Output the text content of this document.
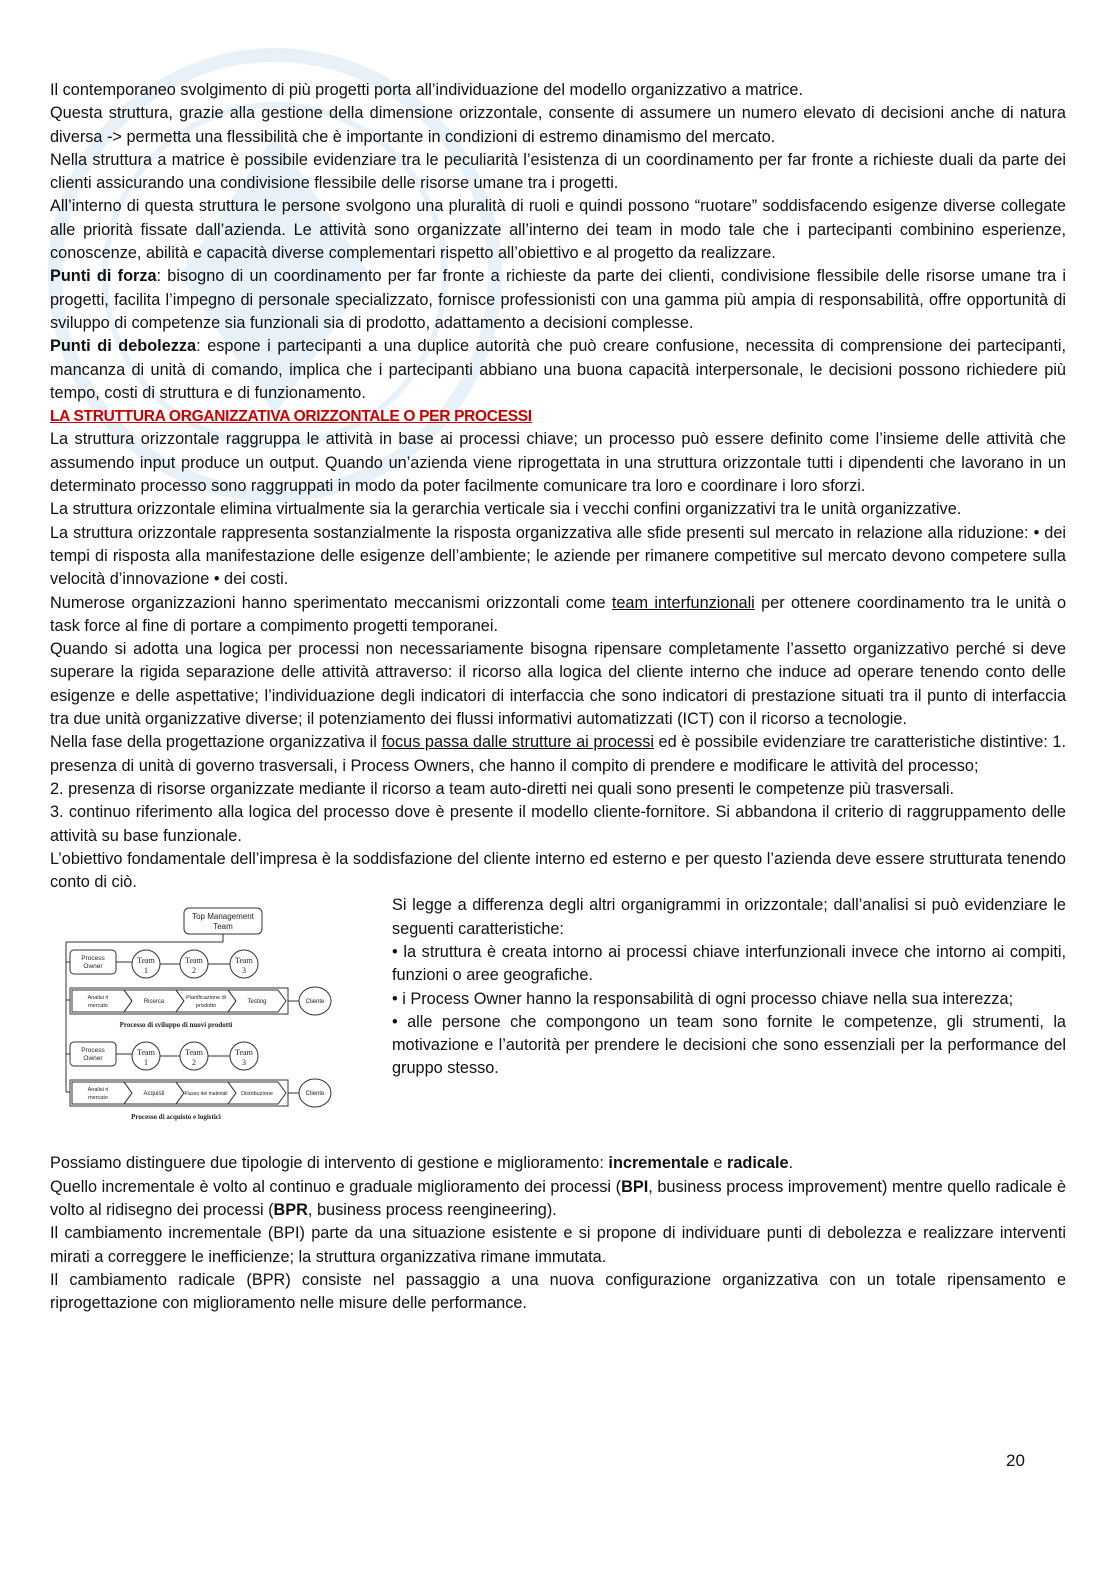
Il contemporaneo svolgimento di più progetti porta all’individuazione del modello organizzativo a matrice.

Questa struttura, grazie alla gestione della dimensione orizzontale, consente di assumere un numero elevato di decisioni anche di natura diversa -> permetta una flessibilità che è importante in condizioni di estremo dinamismo del mercato.

Nella struttura a matrice è possibile evidenziare tra le peculiarità l’esistenza di un coordinamento per far fronte a richieste duali da parte dei clienti assicurando una condivisione flessibile delle risorse umane tra i progetti.

All’interno di questa struttura le persone svolgono una pluralità di ruoli e quindi possono “ruotare” soddisfacendo esigenze diverse collegate alle priorità fissate dall’azienda. Le attività sono organizzate all’interno dei team in modo tale che i partecipanti combinino esperienze, conoscenze, abilità e capacità diverse complementari rispetto all’obiettivo e al progetto da realizzare.

Punti di forza: bisogno di un coordinamento per far fronte a richieste da parte dei clienti, condivisione flessibile delle risorse umane tra i progetti, facilita l’impegno di personale specializzato, fornisce professionisti con una gamma più ampia di responsabilità, offre opportunità di sviluppo di competenze sia funzionali sia di prodotto, adattamento a decisioni complesse.

Punti di debolezza: espone i partecipanti a una duplice autorità che può creare confusione, necessita di comprensione dei partecipanti, mancanza di unità di comando, implica che i partecipanti abbiano una buona capacità interpersonale, le decisioni possono richiedere più tempo, costi di struttura e di funzionamento.

LA STRUTTURA ORGANIZZATIVA ORIZZONTALE O PER PROCESSI

La struttura orizzontale raggruppa le attività in base ai processi chiave; un processo può essere definito come l’insieme delle attività che assumendo input produce un output. Quando un’azienda viene riprogettata in una struttura orizzontale tutti i dipendenti che lavorano in un determinato processo sono raggruppati in modo da poter facilmente comunicare tra loro e coordinare i loro sforzi.

La struttura orizzontale elimina virtualmente sia la gerarchia verticale sia i vecchi confini organizzativi tra le unità organizzative.

La struttura orizzontale rappresenta sostanzialmente la risposta organizzativa alle sfide presenti sul mercato in relazione alla riduzione: • dei tempi di risposta alla manifestazione delle esigenze dell’ambiente; le aziende per rimanere competitive sul mercato devono competere sulla velocità d’innovazione • dei costi.

Numerose organizzazioni hanno sperimentato meccanismi orizzontali come team interfunzionali per ottenere coordinamento tra le unità o task force al fine di portare a compimento progetti temporanei.

Quando si adotta una logica per processi non necessariamente bisogna ripensare completamente l’assetto organizzativo perché si deve superare la rigida separazione delle attività attraverso: il ricorso alla logica del cliente interno che induce ad operare tenendo conto delle esigenze e delle aspettative; l’individuazione degli indicatori di interfaccia che sono indicatori di prestazione situati tra il punto di interfaccia tra due unità organizzative diverse; il potenziamento dei flussi informativi automatizzati (ICT) con il ricorso a tecnologie.

Nella fase della progettazione organizzativa il focus passa dalle strutture ai processi ed è possibile evidenziare tre caratteristiche distintive: 1. presenza di unità di governo trasversali, i Process Owners, che hanno il compito di prendere e modificare le attività del processo;

2. presenza di risorse organizzate mediante il ricorso a team auto-diretti nei quali sono presenti le competenze più trasversali.

3. continuo riferimento alla logica del processo dove è presente il modello cliente-fornitore. Si abbandona il criterio di raggruppamento delle attività su base funzionale.

L’obiettivo fondamentale dell’impresa è la soddisfazione del cliente interno ed esterno e per questo l’azienda deve essere strutturata tenendo conto di ciò.

Top Management Team
Process Owner
Team 1
Team 2
Team 3
Analisi ri mercato
Ricerca
Pianificazione di prodotto
Testing	Cliente
Processo di sviluppo di nuovi prodotti
Process Owner
Team 1
Team 2
Team 3
Analisi ri mercato
Acquisti	Flusso dei materiali Distribuzione	Cliente
Processo di acquisto e logistici

Si legge a differenza degli altri organigrammi in orizzontale; dall’analisi si può evidenziare le seguenti caratteristiche:

• la struttura è creata intorno ai processi chiave interfunzionali invece che intorno ai compiti, funzioni o aree geografiche.

• i Process Owner hanno la responsabilità di ogni processo chiave nella sua interezza;

• alle persone che compongono un team sono fornite le competenze, gli strumenti, la motivazione e l’autorità per prendere le decisioni che sono essenziali per la performance del gruppo stesso.

Possiamo distinguere due tipologie di intervento di gestione e miglioramento: incrementale e radicale.

Quello incrementale è volto al continuo e graduale miglioramento dei processi (BPI, business process improvement) mentre quello radicale è volto al ridisegno dei processi (BPR, business process reengineering).

Il cambiamento incrementale (BPI) parte da una situazione esistente e si propone di individuare punti di debolezza e realizzare interventi mirati a correggere le inefficienze; la struttura organizzativa rimane immutata.

Il cambiamento radicale (BPR) consiste nel passaggio a una nuova configurazione organizzativa con un totale ripensamento e riprogettazione con miglioramento nelle misure delle performance.

20
